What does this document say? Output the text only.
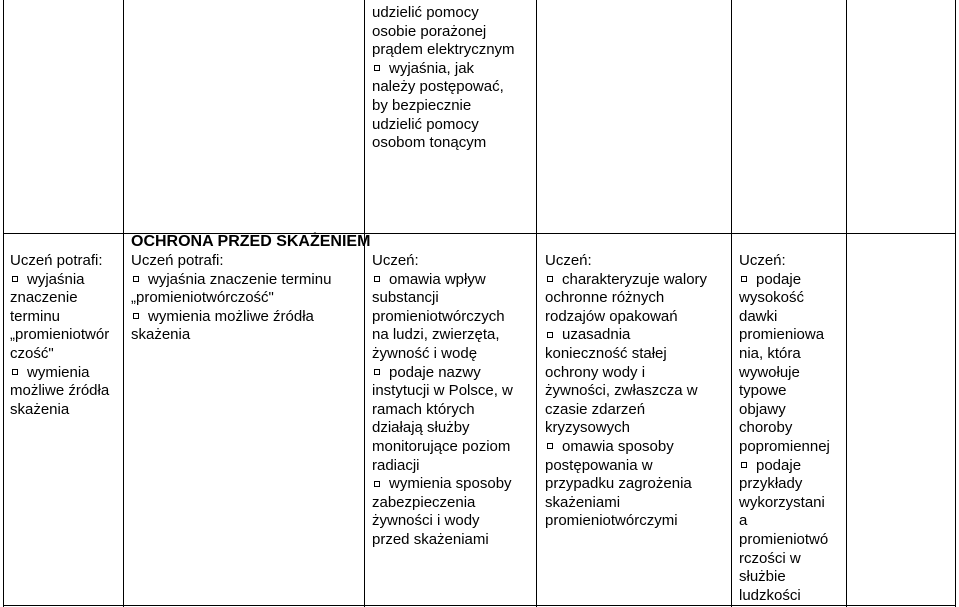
udzielić pomocy
osobie porażonej
prądem elektrycznym
wyjaśnia, jak
należy postępować,
by bezpiecznie
udzielić pomocy
osobom tonącym
OCHRONA PRZED SKAŻENIEM
Uczeń potrafi:
wyjaśnia
znaczenie
terminu
„promieniotwór
czość"
wymienia
możliwe źródła
skażenia
Uczeń potrafi:
wyjaśnia znaczenie terminu
„promieniotwórczość"
wymienia możliwe źródła
skażenia
Uczeń:
omawia wpływ
substancji
promieniotwórczych
na ludzi, zwierzęta,
żywność i wodę
podaje nazwy
instytucji w Polsce, w
ramach których
działają służby
monitorujące poziom
radiacji
wymienia sposoby
zabezpieczenia
żywności i wody
przed skażeniami
Uczeń:
charakteryzuje walory
ochronne różnych
rodzajów opakowań
uzasadnia
konieczność stałej
ochrony wody i
żywności, zwłaszcza w
czasie zdarzeń
kryzysowych
omawia sposoby
postępowania w
przypadku zagrożenia
skażeniami
promieniotwórczymi
Uczeń:
podaje
wysokość
dawki
promieniowa
nia, która
wywołuje
typowe
objawy
choroby
popromiennej
podaje
przykłady
wykorzystani
a
promieniotwó
rczości w
służbie
ludzkości
